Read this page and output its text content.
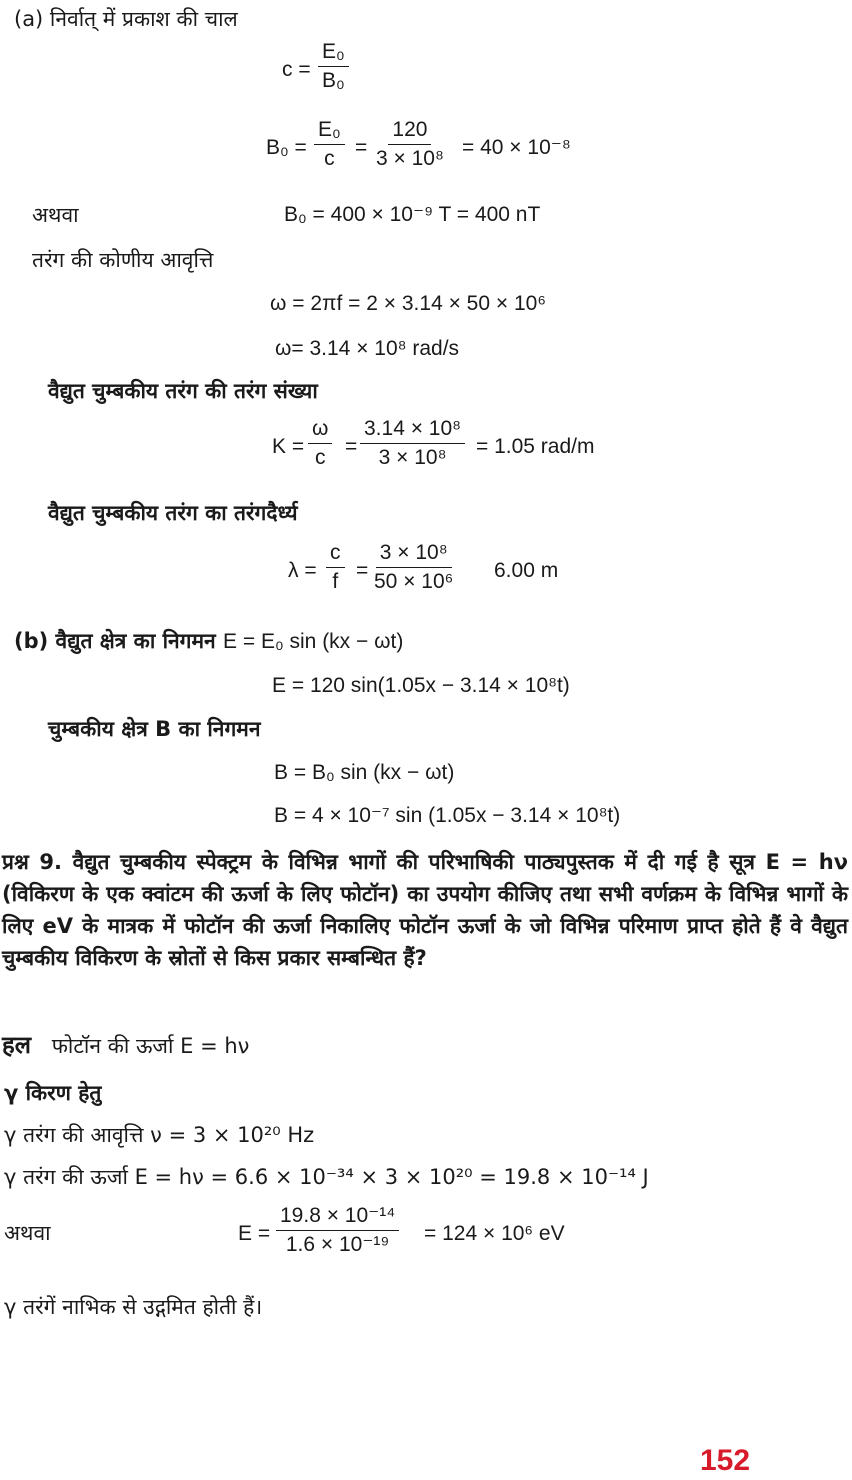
(a) निर्वात् में प्रकाश की चाल
$c = \frac{\text{E₀}}{\text{B₀}}$
$B_0 = \frac{\text{E₀}}{c} = \frac{120}{\text{3 × 10⁸}} = 40 \times 10^{-8}$
अथवा	B₀ = 400 × 10⁻⁹ T = 400 nT
तरंग की कोणीय आवृत्ति
ω = 2πf = 2 × 3.14 × 50 × 10⁶
ω= 3.14 × 10⁸ rad/s
वैद्युत चुम्बकीय तरंग की तरंग संख्या
$K = \frac{\omega}{c} = \frac{\text{3.14 × 10⁸}}{\text{3 × 10⁸}} = 1.05$ rad/m
वैद्युत चुम्बकीय तरंग का तरंगदैर्ध्य
$\lambda = \frac{c}{f} = \frac{\text{3 × 10⁸}}{\text{50 × 10⁶}} 6.00$ m
(b) वैद्युत क्षेत्र का निगमन E = E₀ sin (kx − ωt)
E = 120 sin(1.05x − 3.14 × 10⁸t)
चुम्बकीय क्षेत्र B का निगमन
B = B₀ sin (kx − ωt)
B = 4 × 10⁻⁷ sin (1.05x − 3.14 × 10⁸t)
प्रश्न 9. वैद्युत चुम्बकीय स्पेक्ट्रम के विभिन्न भागों की परिभाषिकी पाठ्यपुस्तक में दी गई है सूत्र E = hν (विकिरण के एक क्वांटम की ऊर्जा के लिए फोटॉन) का उपयोग कीजिए तथा सभी वर्णक्रम के विभिन्न भागों के लिए eV के मात्रक में फोटॉन की ऊर्जा निकालिए फोटॉन ऊर्जा के जो विभिन्न परिमाण प्राप्त होते हैं वे वैद्युत चुम्बकीय विकिरण के स्रोतों से किस प्रकार सम्बन्धित हैं?
हल फोटॉन की ऊर्जा E = hν
γ किरण हेतु
γ तरंग की आवृत्ति ν = 3 × 10²⁰ Hz
γ तरंग की ऊर्जा E = hν = 6.6 × 10⁻³⁴ × 3 × 10²⁰ = 19.8 × 10⁻¹⁴ J
अथवा	$E = \frac{\text{19.8 × 10⁻¹⁴}}{\text{1.6 × 10⁻¹⁹}} = 124 \times 10^6$ eV
γ तरंगें नाभिक से उद्गमित होती हैं।
152
